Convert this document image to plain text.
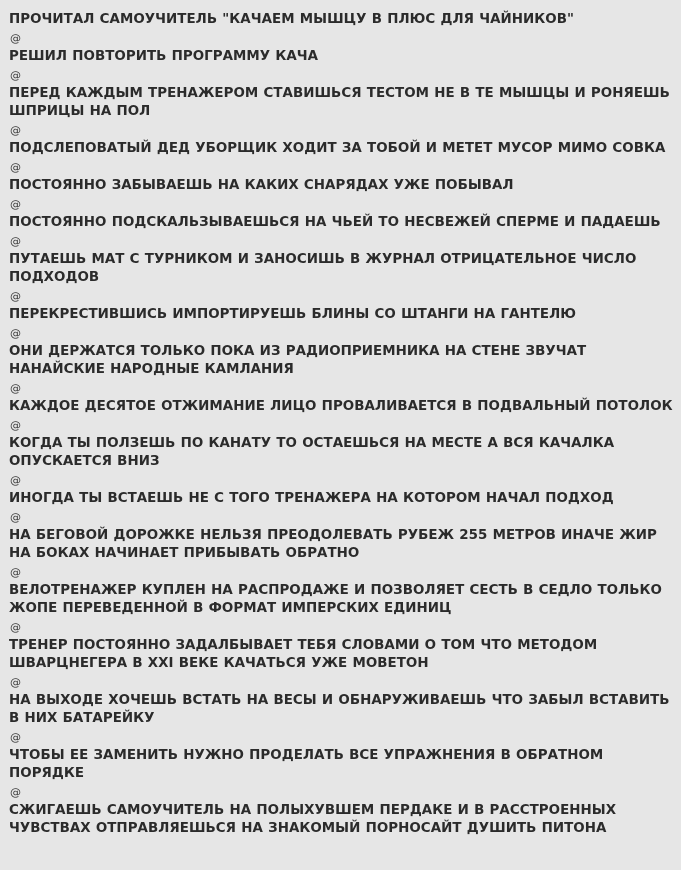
ПРОЧИТАЛ САМОУЧИТЕЛЬ "КАЧАЕМ МЫШЦУ В ПЛЮС ДЛЯ ЧАЙНИКОВ"
@
РЕШИЛ ПОВТОРИТЬ ПРОГРАММУ КАЧА
@
ПЕРЕД КАЖДЫМ ТРЕНАЖЕРОМ СТАВИШЬСЯ ТЕСТОМ НЕ В ТЕ МЫШЦЫ И РОНЯЕШЬ ШПРИЦЫ НА ПОЛ
@
ПОДСЛЕПОВАТЫЙ ДЕД УБОРЩИК ХОДИТ ЗА ТОБОЙ И МЕТЕТ МУСОР МИМО СОВКА
@
ПОСТОЯННО ЗАБЫВАЕШЬ НА КАКИХ СНАРЯДАХ УЖЕ ПОБЫВАЛ
@
ПОСТОЯННО ПОДСКАЛЬЗЫВАЕШЬСЯ НА ЧЬЕЙ ТО НЕСВЕЖЕЙ СПЕРМЕ И ПАДАЕШЬ
@
ПУТАЕШЬ МАТ С ТУРНИКОМ И ЗАНОСИШЬ В ЖУРНАЛ ОТРИЦАТЕЛЬНОЕ ЧИСЛО ПОДХОДОВ
@
ПЕРЕКРЕСТИВШИСЬ ИМПОРТИРУЕШЬ БЛИНЫ СО ШТАНГИ НА ГАНТЕЛЮ
@
ОНИ ДЕРЖАТСЯ ТОЛЬКО ПОКА ИЗ РАДИОПРИЕМНИКА НА СТЕНЕ ЗВУЧАТ НАНАЙСКИЕ НАРОДНЫЕ КАМЛАНИЯ
@
КАЖДОЕ ДЕСЯТОЕ ОТЖИМАНИЕ ЛИЦО ПРОВАЛИВАЕТСЯ В ПОДВАЛЬНЫЙ ПОТОЛОК
@
КОГДА ТЫ ПОЛЗЕШЬ ПО КАНАТУ ТО ОСТАЕШЬСЯ НА МЕСТЕ А ВСЯ КАЧАЛКА ОПУСКАЕТСЯ ВНИЗ
@
ИНОГДА ТЫ ВСТАЕШЬ НЕ С ТОГО ТРЕНАЖЕРА НА КОТОРОМ НАЧАЛ ПОДХОД
@
НА БЕГОВОЙ ДОРОЖКЕ НЕЛЬЗЯ ПРЕОДОЛЕВАТЬ РУБЕЖ 255 МЕТРОВ ИНАЧЕ ЖИР НА БОКАХ НАЧИНАЕТ ПРИБЫВАТЬ ОБРАТНО
@
ВЕЛОТРЕНАЖЕР КУПЛЕН НА РАСПРОДАЖЕ И ПОЗВОЛЯЕТ СЕСТЬ В СЕДЛО ТОЛЬКО ЖОПЕ ПЕРЕВЕДЕННОЙ В ФОРМАТ ИМПЕРСКИХ ЕДИНИЦ
@
ТРЕНЕР ПОСТОЯННО ЗАДАЛБЫВАЕТ ТЕБЯ СЛОВАМИ О ТОМ ЧТО МЕТОДОМ ШВАРЦНЕГЕРА В XXI ВЕКЕ КАЧАТЬСЯ УЖЕ МОВЕТОН
@
НА ВЫХОДЕ ХОЧЕШЬ ВСТАТЬ НА ВЕСЫ И ОБНАРУЖИВАЕШЬ ЧТО ЗАБЫЛ ВСТАВИТЬ В НИХ БАТАРЕЙКУ
@
ЧТОБЫ ЕЕ ЗАМЕНИТЬ НУЖНО ПРОДЕЛАТЬ ВСЕ УПРАЖНЕНИЯ В ОБРАТНОМ ПОРЯДКЕ
@
СЖИГАЕШЬ САМОУЧИТЕЛЬ НА ПОЛЫХУВШЕМ ПЕРДАКЕ И В РАССТРОЕННЫХ ЧУВСТВАХ ОТПРАВЛЯЕШЬСЯ НА ЗНАКОМЫЙ ПОРНОСАЙТ ДУШИТЬ ПИТОНА
